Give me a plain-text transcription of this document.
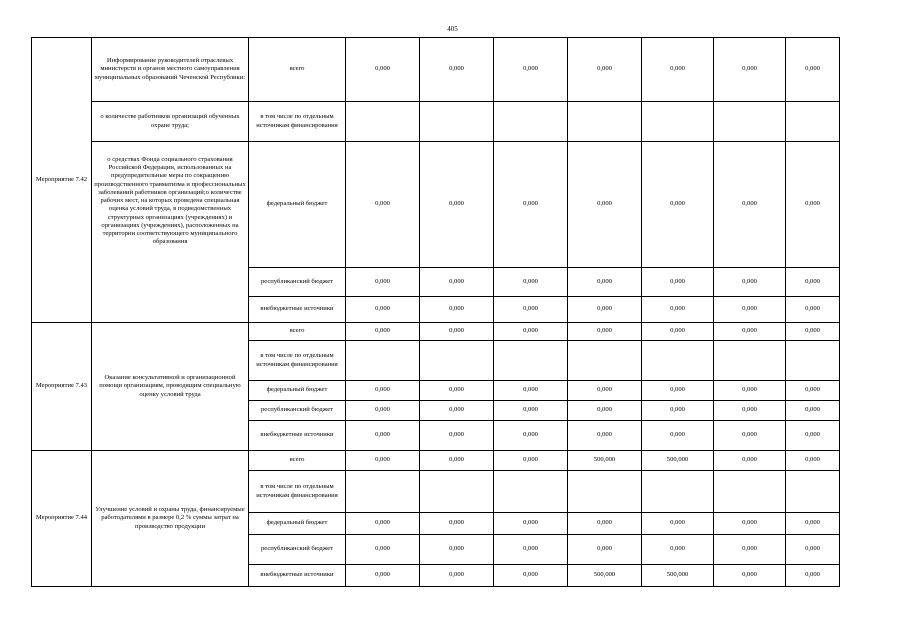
405
Мероприятие 7.42	Информирование руководителей отраслевых министерств и органов местного самоуправления муниципальных образований Чеченской Республики:	всего	0,000	0,000	0,000	0,000	0,000	0,000	0,000
	о количестве работников организаций обученных охране труда;	в том числе по отдельным источникам финансирования							
	о средствах Фонда социального страхования Российской Федерации, использованных на предупредительные меры по сокращению производственного травматизма и профессиональных заболеваний работников организаций;о количестве рабочих мест, на которых проведена специальная оценка условий труда, в подведомственных структурных организациях (учреждениях) и организациях (учреждениях), расположенных на территории соответствующего муниципального образования	федеральный бюджет	0,000	0,000	0,000	0,000	0,000	0,000	0,000
		республиканский бюджет	0,000	0,000	0,000	0,000	0,000	0,000	0,000
		внебюджетные источники	0,000	0,000	0,000	0,000	0,000	0,000	0,000
Мероприятие 7.43	Оказание консультативной и организационной помощи организациям, проводящим специальную оценку условий труда	всего	0,000	0,000	0,000	0,000	0,000	0,000	0,000
		в том числе по отдельным источникам финансирования							
		федеральный бюджет	0,000	0,000	0,000	0,000	0,000	0,000	0,000
		республиканский бюджет	0,000	0,000	0,000	0,000	0,000	0,000	0,000
		внебюджетные источники	0,000	0,000	0,000	0,000	0,000	0,000	0,000
Мероприятие 7.44	Улучшение условий и охраны труда, финансируемые работодателями в размере 0,2 % суммы затрат на производство продукции	всего	0,000	0,000	0,000	500,000	500,000	0,000	0,000
		в том числе по отдельным источникам финансирования							
		федеральный бюджет	0,000	0,000	0,000	0,000	0,000	0,000	0,000
		республиканский бюджет	0,000	0,000	0,000	0,000	0,000	0,000	0,000
		внебюджетные источники	0,000	0,000	0,000	500,000	500,000	0,000	0,000
